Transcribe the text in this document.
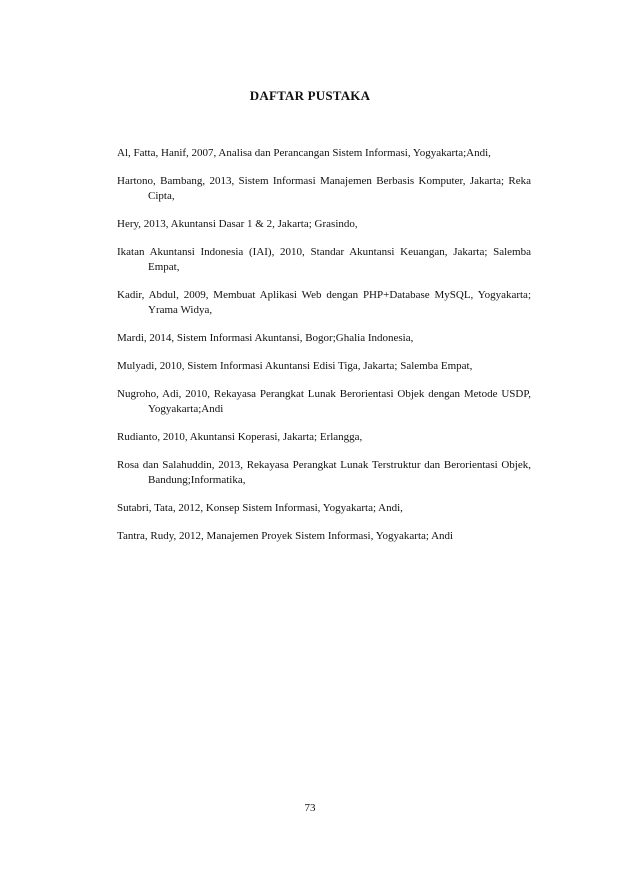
DAFTAR PUSTAKA
Al, Fatta, Hanif, 2007, Analisa dan Perancangan Sistem Informasi, Yogyakarta;Andi,
Hartono, Bambang, 2013, Sistem Informasi Manajemen Berbasis Komputer, Jakarta; Reka Cipta,
Hery, 2013, Akuntansi Dasar 1 & 2, Jakarta; Grasindo,
Ikatan Akuntansi Indonesia (IAI), 2010, Standar Akuntansi Keuangan, Jakarta; Salemba Empat,
Kadir, Abdul, 2009, Membuat Aplikasi Web dengan PHP+Database MySQL, Yogyakarta; Yrama Widya,
Mardi, 2014, Sistem Informasi Akuntansi, Bogor;Ghalia Indonesia,
Mulyadi, 2010, Sistem Informasi Akuntansi Edisi Tiga, Jakarta; Salemba Empat,
Nugroho, Adi, 2010, Rekayasa Perangkat Lunak Berorientasi Objek dengan Metode USDP, Yogyakarta;Andi
Rudianto, 2010, Akuntansi Koperasi, Jakarta; Erlangga,
Rosa dan Salahuddin, 2013, Rekayasa Perangkat Lunak Terstruktur dan Berorientasi Objek, Bandung;Informatika,
Sutabri, Tata, 2012, Konsep Sistem Informasi, Yogyakarta; Andi,
Tantra, Rudy, 2012, Manajemen Proyek Sistem Informasi, Yogyakarta; Andi
73
